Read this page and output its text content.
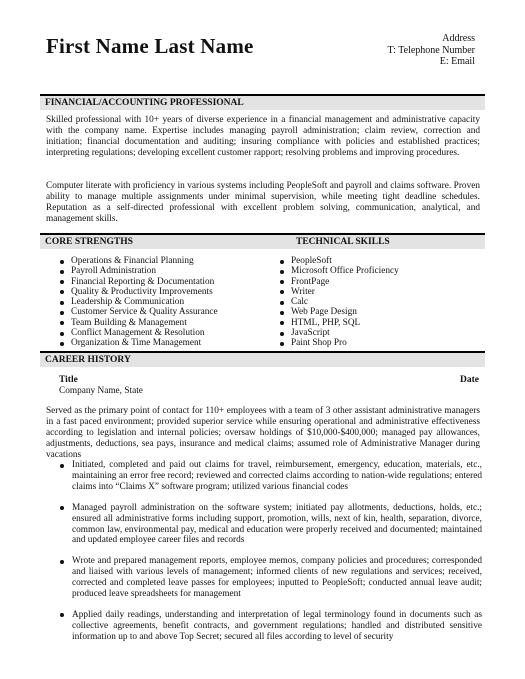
First Name Last Name	Address
T: Telephone Number
E: Email
FINANCIAL/ACCOUNTING PROFESSIONAL

Skilled professional with 10+ years of diverse experience in a financial management and administrative capacity with the company name. Expertise includes managing payroll administration; claim review, correction and initiation; financial documentation and auditing; insuring compliance with policies and established practices; interpreting regulations; developing excellent customer rapport; resolving problems and improving procedures.

Computer literate with proficiency in various systems including PeopleSoft and payroll and claims software. Proven ability to manage multiple assignments under minimal supervision, while meeting tight deadline schedules. Reputation as a self-directed professional with excellent problem solving, communication, analytical, and management skills.

CORE STRENGTHS	TECHNICAL SKILLS
Operations & Financial Planning
Payroll Administration
Financial Reporting & Documentation
Quality & Productivity Improvements
Leadership & Communication
Customer Service & Quality Assurance
Team Building & Management
Conflict Management & Resolution
Organization & Time Management
PeopleSoft
Microsoft Office Proficiency
FrontPage
Writer
Calc
Web Page Design
HTML, PHP, SQL
JavaScript
Paint Shop Pro
CAREER HISTORY
Title	Date
Company Name, State

Served as the primary point of contact for 110+ employees with a team of 3 other assistant administrative managers in a fast paced environment; provided superior service while ensuring operational and administrative effectiveness according to legislation and internal policies; oversaw holdings of $10,000-$400,000; managed pay allowances, adjustments, deductions, sea pays, insurance and medical claims; assumed role of Administrative Manager during vacations

Initiated, completed and paid out claims for travel, reimbursement, emergency, education, materials, etc., maintaining an error free record; reviewed and corrected claims according to nation-wide regulations; entered claims into “Claims X” software program; utilized various financial codes
Managed payroll administration on the software system; initiated pay allotments, deductions, holds, etc.; ensured all administrative forms including support, promotion, wills, next of kin, health, separation, divorce, common law, environmental pay, medical and education were properly received and documented; maintained and updated employee career files and records
Wrote and prepared management reports, employee memos, company policies and procedures; corresponded and liaised with various levels of management; informed clients of new regulations and services; received, corrected and completed leave passes for employees; inputted to PeopleSoft; conducted annual leave audit; produced leave spreadsheets for management
Applied daily readings, understanding and interpretation of legal terminology found in documents such as collective agreements, benefit contracts, and government regulations; handled and distributed sensitive information up to and above Top Secret; secured all files according to level of security
